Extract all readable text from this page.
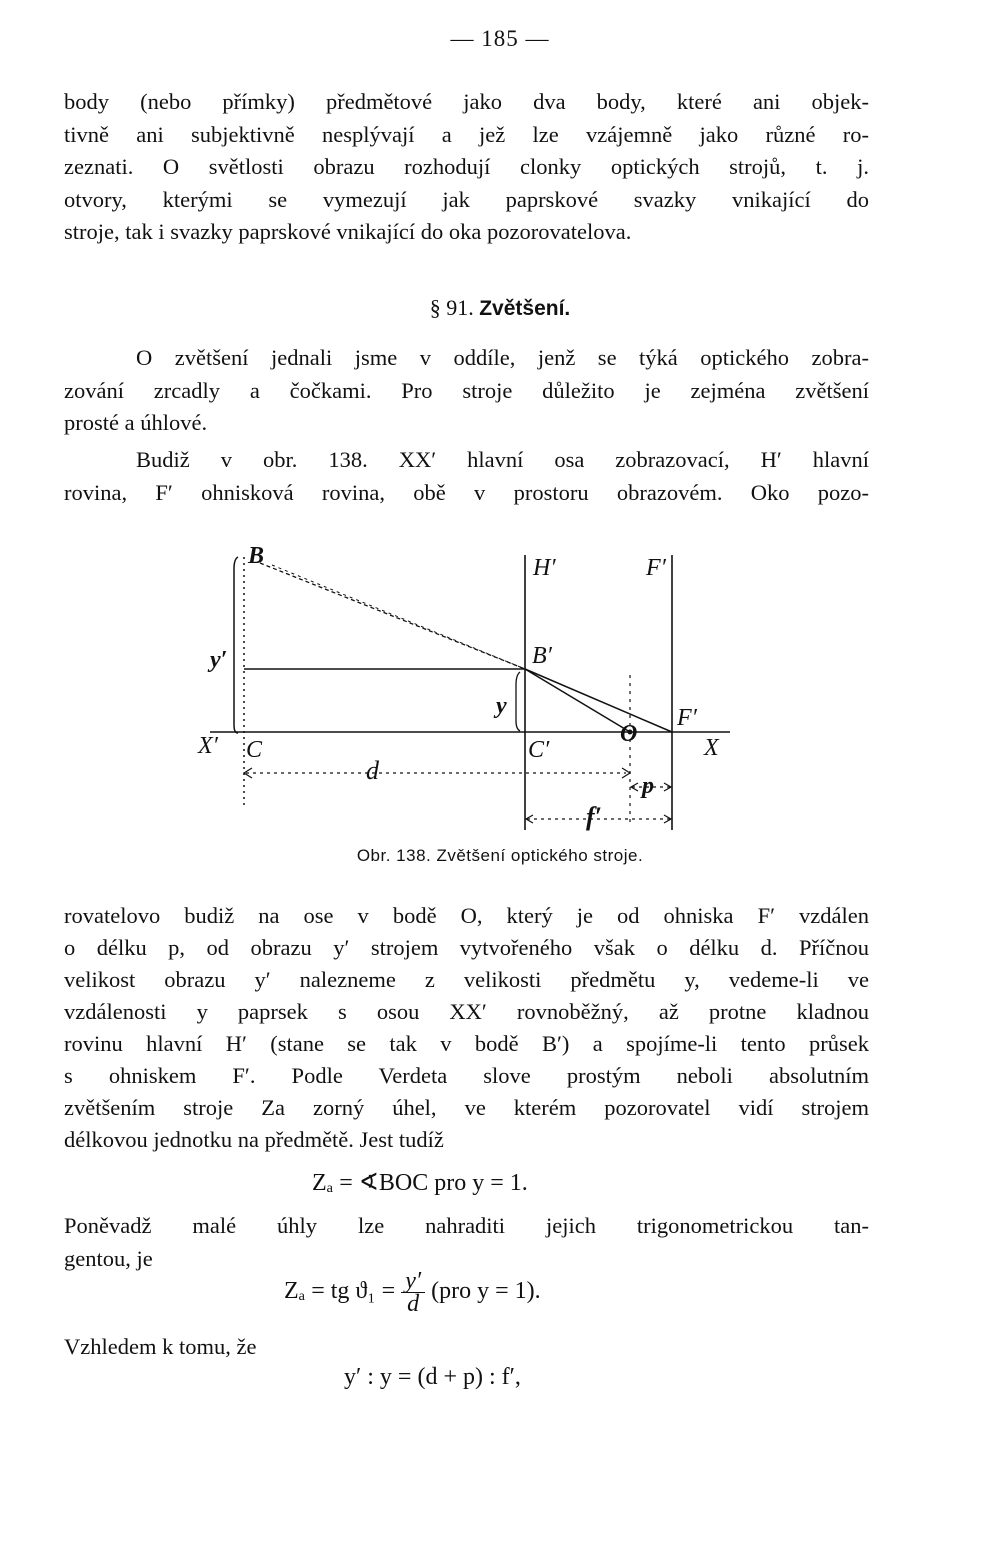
— 185 —
body (nebo přímky) předmětové jako dva body, které ani objek-
tivně ani subjektivně nesplývají a jež lze vzájemně jako různé ro-
zeznati. O světlosti obrazu rozhodují clonky optických strojů, t. j.
otvory, kterými se vymezují jak paprskové svazky vnikající do
stroje, tak i svazky paprskové vnikající do oka pozorovatelova.
§ 91. Zvětšení.
O zvětšení jednali jsme v oddíle, jenž se týká optického zobra-
zování zrcadly a čočkami. Pro stroje důležito je zejména zvětšení
prosté a úhlové.
Budiž v obr. 138. XX′ hlavní osa zobrazovací, H′ hlavní
rovina, F′ ohnisková rovina, obě v prostoru obrazovém. Oko pozo-
B	H′	F′
y′	B′
y	F′
X′ C	C′
O
X
d
p
f′
Obr. 138. Zvětšení optického stroje.
rovatelovo budiž na ose v bodě O, který je od ohniska F′ vzdálen
o délku p, od obrazu y′ strojem vytvořeného však o délku d. Příčnou
velikost obrazu y′ nalezneme z velikosti předmětu y, vedeme-li ve
vzdálenosti y paprsek s osou XX′ rovnoběžný, až protne kladnou
rovinu hlavní H′ (stane se tak v bodě B′) a spojíme-li tento průsek
s ohniskem F′. Podle Verdeta slove prostým neboli absolutním
zvětšením stroje Za zorný úhel, ve kterém pozorovatel vidí strojem
délkovou jednotku na předmětě. Jest tudíž
Zₐ = ∢BOC pro y = 1.
Poněvadž malé úhly lze nahraditi jejich trigonometrickou tan-
gentou, je
Zₐ = tg $ϑ_1 = \frac{y'}{d} (pro$ y = 1).
Vzhledem k tomu, že
y′ : y = (d + p) : f′,
